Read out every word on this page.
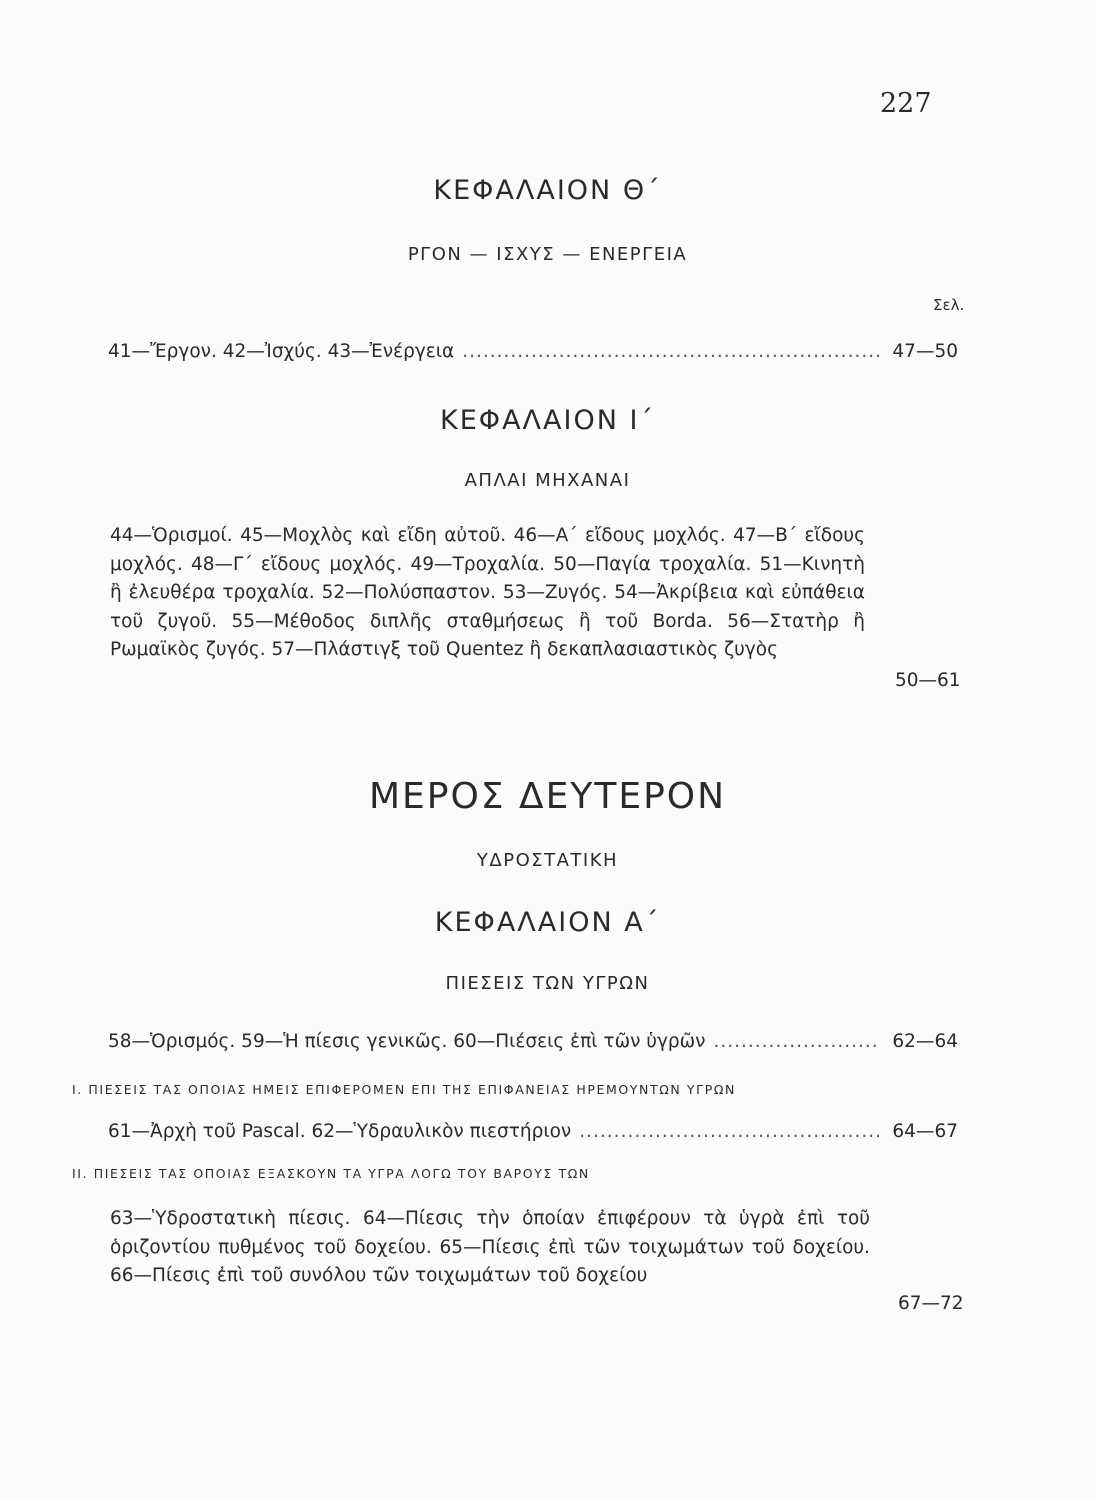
227
ΚΕΦΑΛΑΙΟΝ Θ΄
ΡΓΟΝ — ΙΣΧΥΣ — ΕΝΕΡΓΕΙΑ
Σελ.
41—Ἔργον. 42—Ἰσχύς. 43—Ἐνέργεια .....	47—50
ΚΕΦΑΛΑΙΟΝ Ι΄
ΑΠΛΑΙ ΜΗΧΑΝΑΙ
44—Ὁρισμοί. 45—Μοχλὸς καὶ εἴδη αὐτοῦ. 46—Α΄ εἴδους μοχλός. 47—Β΄ εἴδους μοχλός. 48—Γ΄ εἴδους μοχλός. 49—Τροχαλία. 50—Παγία τροχαλία. 51—Κινητὴ ἢ ἐλευθέρα τροχαλία. 52—Πολύσπαστον. 53—Ζυγός. 54—Ἀκρίβεια καὶ εὐπάθεια τοῦ ζυγοῦ. 55—Μέθοδος διπλῆς σταθμήσεως ἢ τοῦ Borda. 56—Στατὴρ ἢ Ρωμαϊκὸς ζυγός. 57—Πλάστιγξ τοῦ Quentez ἢ δεκαπλασιαστικὸς ζυγὸς
50—61
ΜΕΡΟΣ ΔΕΥΤΕΡΟΝ
ΥΔΡΟΣΤΑΤΙΚΗ
ΚΕΦΑΛΑΙΟΝ Α΄
ΠΙΕΣΕΙΣ ΤΩΝ ΥΓΡΩΝ
58—Ὁρισμός. 59—Ἡ πίεσις γενικῶς. 60—Πιέσεις ἐπὶ τῶν ὑγρῶν .....	62—64
Ι. ΠΙΕΣΕΙΣ ΤΑΣ ΟΠΟΙΑΣ ΗΜΕΙΣ ΕΠΙΦΕΡΟΜΕΝ ΕΠΙ ΤΗΣ ΕΠΙΦΑΝΕΙΑΣ ΗΡΕΜΟΥΝΤΩΝ ΥΓΡΩΝ
61—Ἀρχὴ τοῦ Pascal. 62—Ὑδραυλικὸν πιεστήριον .....	64—67
ΙΙ. ΠΙΕΣΕΙΣ ΤΑΣ ΟΠΟΙΑΣ ΕΞΑΣΚΟΥΝ ΤΑ ΥΓΡΑ ΛΟΓΩ ΤΟΥ ΒΑΡΟΥΣ ΤΩΝ
63—Ὑδροστατικὴ πίεσις. 64—Πίεσις τὴν ὁποίαν ἐπιφέρουν τὰ ὑγρὰ ἐπὶ τοῦ ὁριζοντίου πυθμένος τοῦ δοχείου. 65—Πίεσις ἐπὶ τῶν τοιχωμάτων τοῦ δοχείου. 66—Πίεσις ἐπὶ τοῦ συνόλου τῶν τοιχωμάτων τοῦ δοχείου
67—72
